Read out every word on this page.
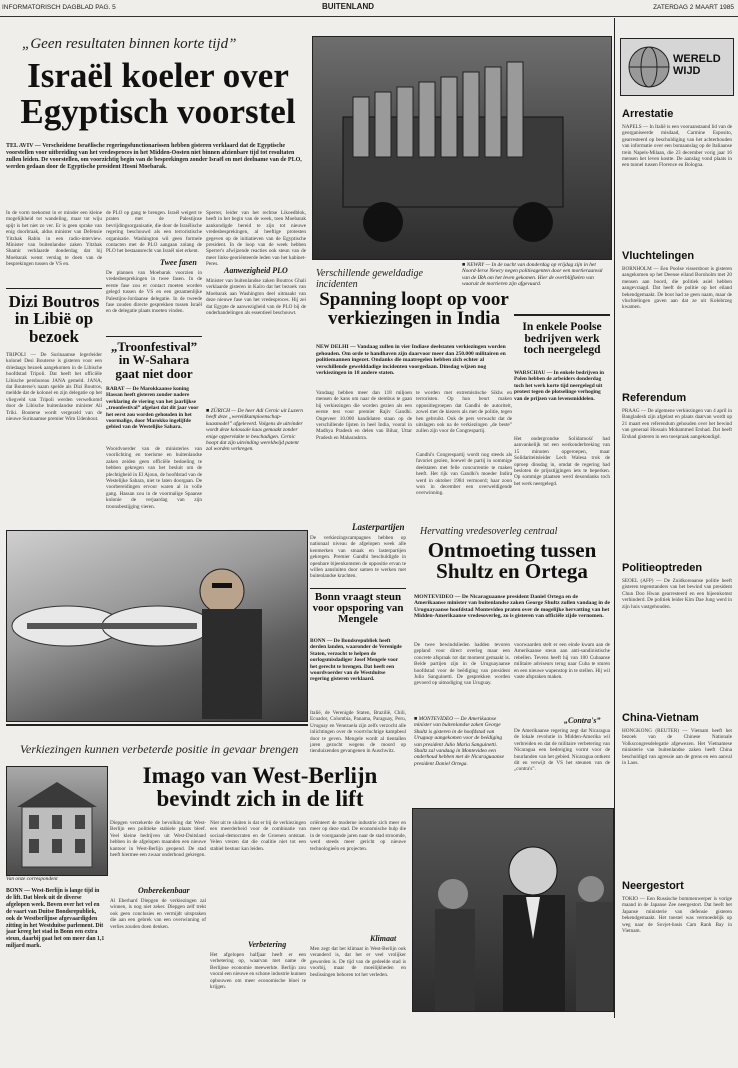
INFORMATORISCH DAGBLAD PAG. 5	BUITENLAND	ZATERDAG 2 MAART 1985
„Geen resultaten binnen korte tijd”
Israël koeler over Egyptisch voorstel
TEL AVIV — Verscheidene Israëlische regeringsfunctionarissen hebben gisteren verklaard dat de Egyptische voorstellen voor uitbreiding van het vredesproces in het Midden-Oosten niet binnen afzienbare tijd tot resultaten zullen leiden. De voorstellen, om voorzichtig begin van de besprekingen zonder Israël en met deelname van de PLO, werden gedaan door de Egyptische president Hosni Moebarak.
In de vorm toekomst in er minder een kleine mogelijkheid tot wandeling, maar tot wiju spijt is het niet zo ver. Er is geen sprake van enig doorbraak, aldus minister van Defensie Yitzhak Rabin in een radio-interview. Minister van buitenlandse zaken Yitzhak Shamir verklaarde donderdag dat hij Moebarak wenst verslag te doen van de besprekingen tussen de VS en.
de PLO op gang te brengen. Israël weigert te praten met de Palestijnse bevrijdingsorganisatie, die door de Israëlische regering beschouwd als een terroristische organisatie. Washington wil geen formele contacten met de PLO aangaan zolang de PLO het bestaansrecht van Israël niet erkent.
Twee fasen
De plannen van Moebarak voorzien in vredesbesprekingen in twee fasen. In de eerste fase zou er contact moeten worden gelegd tussen de VS en een gezamenlijke Palestijns-Jordaanse delegatie. In de tweede fase zouden directe gesprekken tussen Israël en de delegatie plaats moeten vinden.
Sperrer, leider van het rechtse Likoedblok, heeft in het begin van de week, toen Moebarak aankondigde bereid te zijn tot nieuwe vredesbesprekingen, al heeftige protesten gegeven op de initiatieven van de Egyptische president. In de loop van de week hebben Sperrer's afwijzende reacties ook steun van de meer links-georiënteerde leden van het kabinet-Peres.
Aanwezigheid PLO
Minister van buitenlandse zaken Boutros Ghali verklaarde gisteren in Kaïro dat het bezoek van Moebarak aan Washington deel uitmaakt van deze nieuwe fase van het vredesproces. Hij zei dat Egypte de aanwezigheid van de PLO bij de onderhandelingen als essentieel beschouwt.
Dizi Boutros in Libië op bezoek
TRIPOLI — De Surinaamse legerleider kolonel Desi Bouterse is gisteren voor een driedaags bezoek aangekomen in de Libische hoofdstad Tripoli. Dat heeft het officiële Libische persbureau JANA gemeld. JANA, dat Bouterse's naam spelde als Dizi Boutros, meldde dat de kolonel en zijn delegatie op het vliegveld van Tripoli werden verwelkomd door de Libische buitenlandse minister Ali Triki. Bouterse wordt vergezeld van de nieuwe Surinaamse premier Wim Udenhout.
„Troonfestival” in W-Sahara gaat niet door
RABAT — De Marokkaanse koning Hassan heeft gisteren zonder nadere verklaring de viering van het jaarlijkse „troonfestival” afgelast dat dit jaar voor het eerst zou worden gehouden in het voormalige, door Marokko ingelijfde gebied van de Westelijke Sahara.
Woordvoerder van de ministeries van voorlichting en toerisme en buitenlandse zaken zeiden geen officiële bedoeling te hebben gekregen van het besluit om de plechtigheid in El Ajoun, de hoofdstad van de Westelijke Sahara, niet te laten doorgaan. De voorbereidingen ervoor waren al in volle gang. Hassan zou in de voormalige Spaanse kolonie de verjaardag van zijn troonsbestijging vieren.
■ ZÜRICH — De heer Adi Cernic uit Luzern heeft deze „wereldkampioenschap-kaasmodel” afgeleverd. Volgens de uitvinder wordt deze kolossale kaas gemaakt zonder enige oppervlakte te beschadigen. Cernic hoopt dat zijn uitvinding wereldwijd patent zal worden verkregen.
■ NEWRY — In de nacht van donderdag op vrijdag zijn in het Noord-Ierse Newry negen politieagenten door een mortieraanval van de IRA om het leven gekomen. Hier de overblijfselen van waaruit de mortieren zijn afgevuurd.
Verschillende geweldadige incidenten
Spanning loopt op voor verkiezingen in India
NEW DELHI — Vandaag zullen in vier Indiase deelstaten verkiezingen worden gehouden. Om orde te handhaven zijn daarvoor meer dan 250.000 militairen en politiemannen ingezet. Ondanks die maatregelen hebben zich echter al verschillende gewelddadige incidenten voorgedaan. Dinsdag wijzen nog verkiezingen in 18 andere staten.
Vandaag hebben meer dan 118 miljoen mensen de kans om naar de stembus te gaan bij verkiezingen die worden gezien als een eerste test voor premier Rajiv Gandhi. Ongeveer 10.000 kandidaten staan op de verschillende lijsten in heel India, vooral in Madhya Pradesh en delen van Bihar, Uttar Pradesh en Maharashtra.
te worden met extremistische Sikhs en terroristen. Op hun beurt maken oppositiegroepen dat Gandhi de autoriteit, zowel met de kiezers als met de politie, tegen hen gebruikt. Ook de pers verwacht dat de uitslagen ook na de verkiezingen „de beste” zullen zijn voor de Congrespartij.
Gandhi's Congrespartij wordt nog steeds als favoriet gezien, hoewel de partij in sommige deelstaten met felle concurrentie te maken heeft. Het rijk van Gandhi's moeder Indira werd in oktober 1984 vermoord; haar zoon won in december een overweldigende overwinning.
In enkele Poolse bedrijven werk toch neergelegd
WARSCHAU — In enkele bedrijven in Polen hebben de arbeiders donderdag toch het werk korte tijd neergelegd uit protest tegen de plotselinge verhoging van de prijzen van levensmiddelen.
Het ondergrondse Solidarność had aanvankelijk tot een werkonderbreking van 15 minuten opgeroepen, maar Solidariteitsleider Lech Walesa trok de oproep dinsdag in, omdat de regering had besloten de prijsstijgingen iets te beperken. Op sommige plaatsen werd desondanks toch het werk neergelegd.
Lasterpartijen
De verkiezingscampagnes hebben op nationaal niveau de afgelopen week alle kenmerken van smaak en lasterpartijen gekregen. Premier Gandhi beschuldigde in openbare bijeenkomsten de oppositie ervan te willen aansluiten door samen te werken met buitenlandse krachten.
Bonn vraagt steun voor opsporing van Mengele
BONN — De Bondsrepubliek heeft derden landen, waaronder de Verenigde Staten, verzocht te helpen de oorlogsmisdadiger Josef Mengele voor het gerecht te brengen. Dat heeft een woordvoerder van de Westduitse regering gisteren verklaard.
Italië, de Verenigde Staten, Brazilië, Chili, Ecuador, Colombia, Panama, Paraguay, Peru, Uruguay en Venezuela zijn zelfs verzocht alle inlichtingen over de voortvluchtige kampbeul door te geven. Mengele wordt al tientallen jaren gezocht wegens de moord op tienduizenden gevangenen in Auschwitz.
Hervatting vredesoverleg centraal
Ontmoeting tussen Shultz en Ortega
MONTEVIDEO — De Nicaraguaanse president Daniel Ortega en de Amerikaanse minister van buitenlandse zaken George Shultz zullen vandaag in de Uruguayaanse hoofdstad Montevideo praten over de mogelijke hervatting van het Midden-Amerikaanse vredesoverleg, zo is gisteren van officiële zijde vernomen.
De twee bewindslieden hadden tevoren gepland voor direct overleg maar een concrete afspraak tot dat moment gemaakt is. Beide partijen zijn in de Uruguayaanse hoofdstad voor de beëdiging van president Julio Sanguinetti. De gesprekken worden gevoerd op uitnodiging van Uruguay.
voorwaarden stelt er een einde kwam aan de Amerikaanse steun aan anti-sandinistische rebellen. Tevens heeft hij van 100 Cubaanse militaire adviseurs terug naar Cuba te sturen en een nieuwe wapenstop in te stellen. Hij wil vaste afspraken maken.
„Contra's”
De Amerikaanse regering zegt dat Nicaragua de lokale revolutie in Midden-Amerika wil verbreiden en dat de militaire verbetering van Nicaragua een bedreiging vormt voor de buurlanden van het gebied. Nicaragua ontkent dit en verwijt de VS het steunen van de „contra's”.
■ MONTEVIDEO — De Amerikaanse minister van buitenlandse zaken George Shultz is gisteren in de hoofdstad van Uruguay aangekomen voor de beëdiging van president Julio Maria Sanguinetti. Shultz zal vandaag in Montevideo een onderhoud hebben met de Nicaraguaanse president Daniel Ortega.
Verkiezingen kunnen verbeterde positie in gevaar brengen
Imago van West-Berlijn bevindt zich in de lift
Van onze correspondent
BONN — West-Berlijn is lange tijd in de lift. Dat bleek uit de diverse afgelopen week. Boven over het vel en de vaart van Duitse Bondsrepubliek, ook de Westberlijnse afgevaardigden zitting in het Westduitse parlement. Dit jaar kreeg het stad in Bonn een extra steun, daarbij gaat het om meer dan 1,1 miljard mark.
Diepgen verzekerde de bevolking dat West-Berlijn een politieke stabiele plaats bleef. Veel kleine bedrijven uit West-Duitsland hebben in de afgelopen maanden een nieuwe kantoor in West-Berlijn geopend. De stad heeft hiermee een zwaar onderhoud gekregen.
Onberekenbaar
Al Eberhard Diepgen de verkiezingen zal winnen, is nog niet zeker. Diepgen zelf trekt ook geen conclusies en vermijdt uitspraken die aan een gebrek van een overwinning of verlies zouden doen denken.
Niet uit te sluiten is dat er bij de verkiezingen een meerderheid voor de combinatie van sociaal-democraten en de Groenen ontstaat. Velen vrezen dat die coalitie niet tot een stabiel bestuur kan leiden.
Verbetering
Het afgelopen halfjaar heeft er een verbetering op, waarvan met name de Berlijnse economie meewerkte. Berlijn zou vooral een nieuwe en schone industrie kunnen opbouwen om meer economische bloei te krijgen.
oriënteert de moderne industrie zich meer en meer op deze stad. De economische hulp die in de voorgaande jaren naar de stad stroomde, werd steeds meer gericht op nieuwe technologieën en projecten.
Klimaat
Men zegt dat het klimaat in West-Berlijn ook veranderd is, dat het er veel vrolijker geworden is. De tijd van de gedeelde stad is voorbij, maar de moeilijkheden en beslissingen behoren tot het verleden.
WERELD WIJD
Arrestatie
NAPELS — In Italië is een vooraanstaand lid van de georganiseerde misdaad, Carmine Esposito, gearresteerd op beschuldiging van het achterhouden van informatie over een bomaanslag op de Italiaanse trein Napels-Milaan, die 23 december vorig jaar 16 mensen het leven kostte. De aanslag vond plaats in een tunnel tussen Florence en Bologna.
Vluchtelingen
BORNHOLM — Een Poolse vissersboot is gisteren aangekomen op het Deense eiland Bornholm met 20 mensen aan boord, die politiek asiel hebben aangevraagd. Dat heeft de politie op het eiland bekendgemaakt. De boot had ze geen naam, maar de vluchtelingen gaven aan dat ze uit Kołobrzeg kwamen.
Referendum
PRAAG — De algemene verkiezingen van 4 april in Bangladesh zijn afgelast en plaats daarvan wordt op 21 maart een referendum gehouden over het bewind van generaal Hossain Mohammed Ershad. Dat heeft Ershad gisteren in een toespraak aangekondigd.
Politieoptreden
SEOEL (AFP) — De Zuidkoreaanse politie heeft gisteren tegenstanders van het bewind van president Chun Doo Hwan gearresteerd en een bijeenkomst verhinderd. De politiek leider Kim Dae Jung werd in zijn huis vastgehouden.
China-Vietnam
HONGKONG (REUTER) — Vietnam heeft het bezoek van de Chinese Nationale Volkscongresdelegatie afgewezen. Het Vietnamese ministerie van buitenlandse zaken heeft China beschuldigd van agressie aan de grens en een aanval in Laos.
Neergestort
TOKIO — Een Russische bommenwerper is vorige maand in de Japanse Zee neergestort. Dat heeft het Japanse ministerie van defensie gisteren bekendgemaakt. Het toestel was vermoedelijk op weg naar de Sovjet-basis Cam Ranh Bay in Vietnam.
